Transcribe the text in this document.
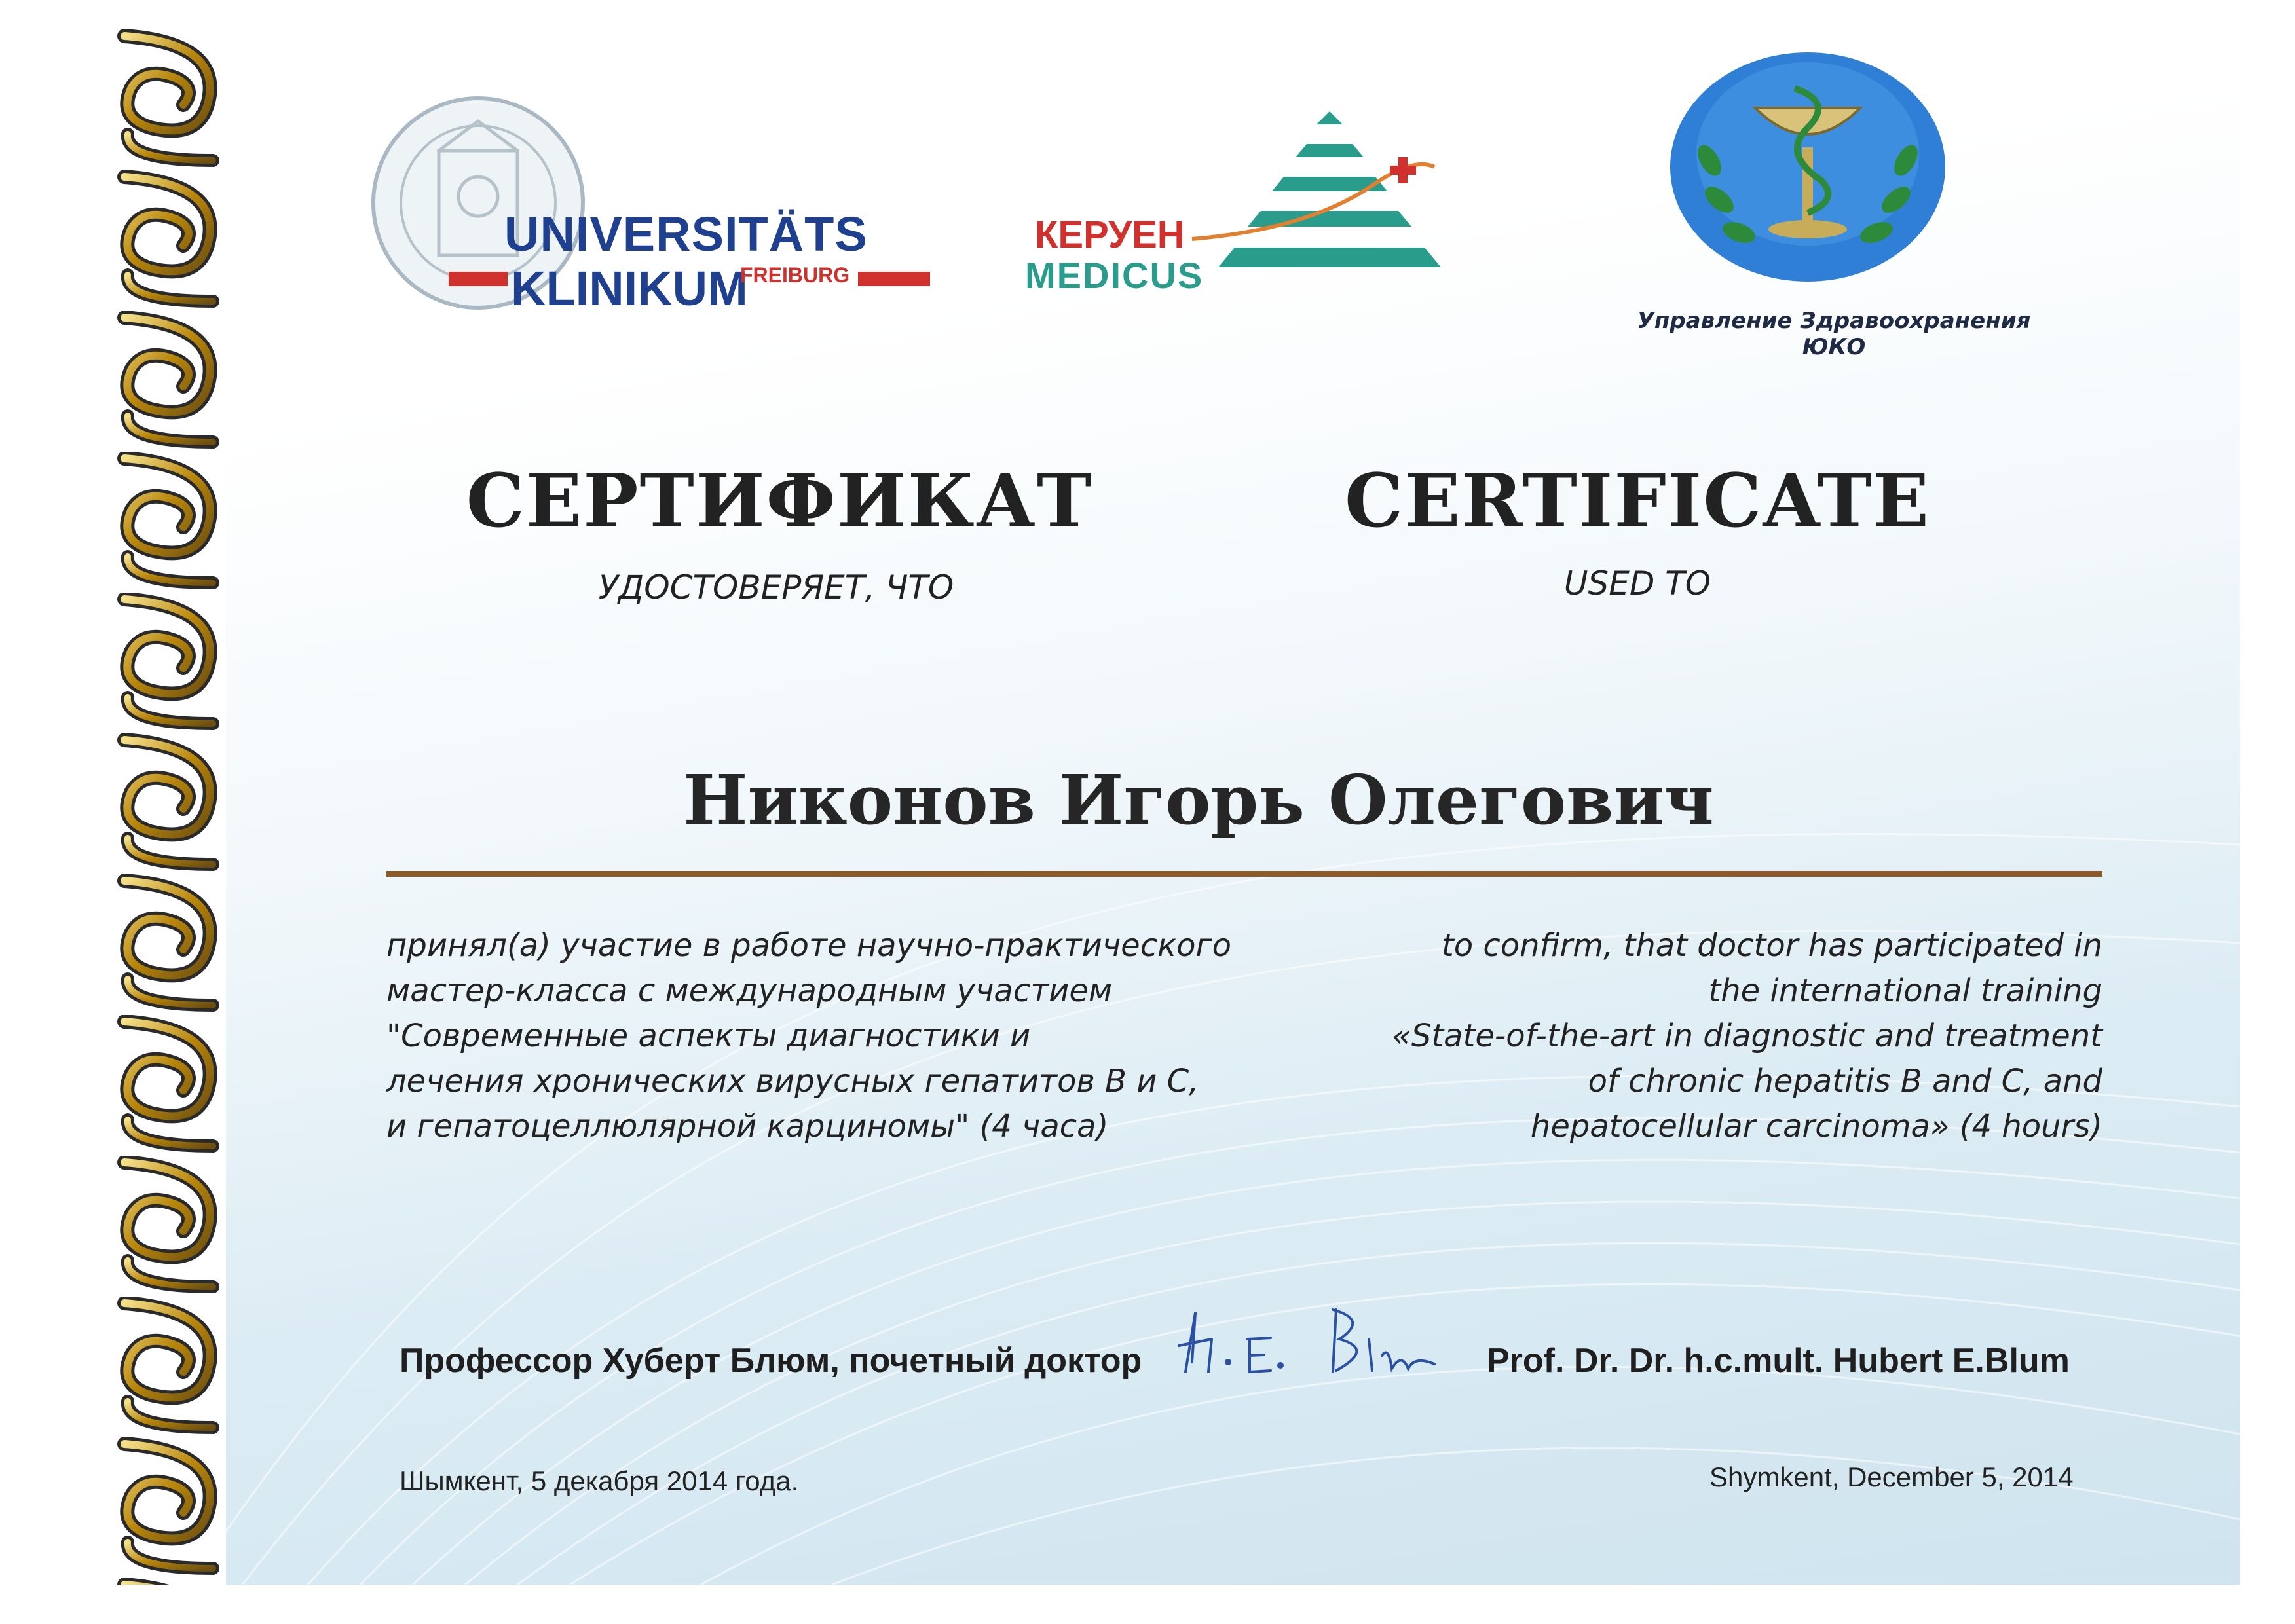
UNIVERSITÄTS
KLINIKUM
FREIBURG
КЕРУЕН
MEDICUS
Управление Здравоохранения ЮКО
СЕРТИФИКАТ	CERTIFICATE
УДОСТОВЕРЯЕТ, ЧТО	USED TO
Никонов Игорь Олегович
принял(а) участие в работе научно-практического
мастер-класса с международным участием
"Современные аспекты диагностики и
лечения хронических вирусных гепатитов В и С,
и гепатоцеллюлярной карциномы" (4 часа)
to confirm, that doctor has participated in
the international training
«State-of-the-art in diagnostic and treatment
of chronic hepatitis B and C, and
hepatocellular carcinoma» (4 hours)
Профессор Хуберт Блюм, почетный доктор	Prof. Dr. Dr. h.c.mult. Hubert E.Blum
Шымкент, 5 декабря 2014 года.	Shymkent, December 5, 2014
